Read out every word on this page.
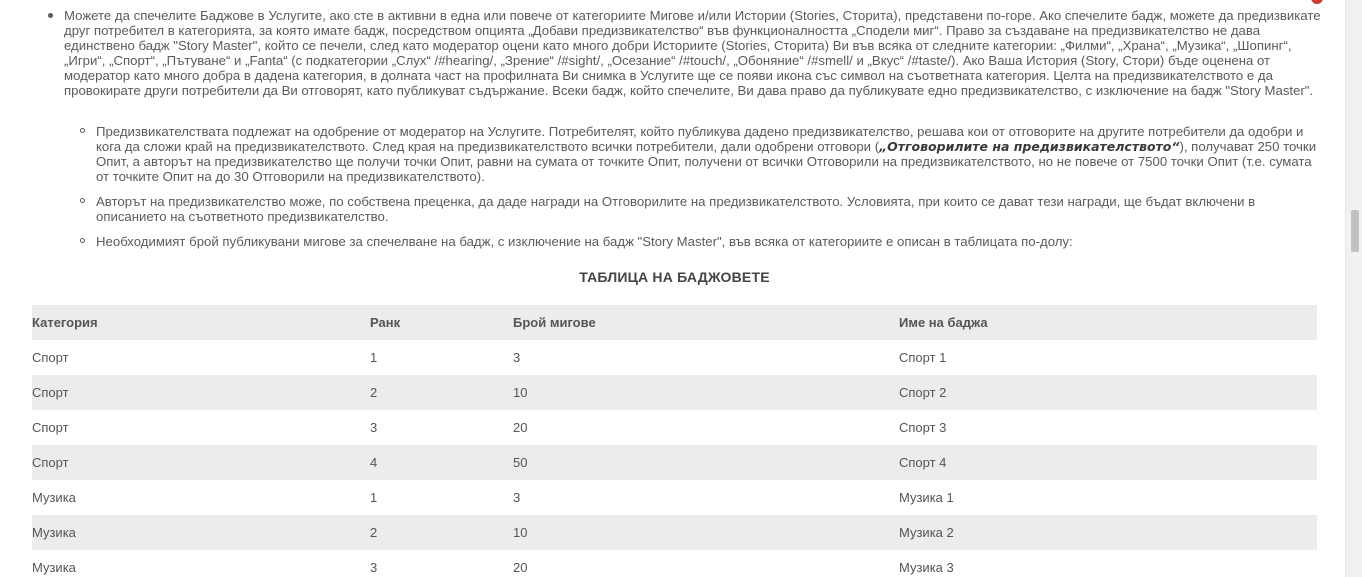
Можете да спечелите Баджове в Услугите, ако сте в активни в една или повече от категориите Мигове и/или Истории (Stories, Сторита), представени по-горе. Ако спечелите бадж, можете да предизвикате друг потребител в категорията, за която имате бадж, посредством опцията „Добави предизвикателство“ във функционалността „Сподели миг“. Право за създаване на предизвикателство не дава единствено бадж "Story Master", който се печели, след като модератор оцени като много добри Историите (Stories, Сторита) Ви във всяка от следните категории: „Филми“, „Храна“, „Музика“, „Шопинг“, „Игри“, „Спорт“, „Пътуване“ и „Fanta“ (с подкатегории „Слух“ /#hearing/, „Зрение“ /#sight/, „Осезание“ /#touch/, „Обоняние“ /#smell/ и „Вкус“ /#taste/). Ако Ваша История (Story, Стори) бъде оценена от модератор като много добра в дадена категория, в долната част на профилната Ви снимка в Услугите ще се появи икона със символ на съответната категория. Целта на предизвикателството е да провокирате други потребители да Ви отговорят, като публикуват съдържание. Всеки бадж, който спечелите, Ви дава право да публикувате едно предизвикателство, с изключение на бадж "Story Master".
Предизвикателствата подлежат на одобрение от модератор на Услугите. Потребителят, който публикува дадено предизвикателство, решава кои от отговорите на другите потребители да одобри и кога да сложи край на предизвикателството. След края на предизвикателството всички потребители, дали одобрени отговори („Отговорилите на предизвикателството“), получават 250 точки Опит, а авторът на предизвикателство ще получи точки Опит, равни на сумата от точките Опит, получени от всички Отговорили на предизвикателството, но не повече от 7500 точки Опит (т.е. сумата от точките Опит на до 30 Отговорили на предизвикателството).
Авторът на предизвикателство може, по собствена преценка, да даде награди на Отговорилите на предизвикателството. Условията, при които се дават тези награди, ще бъдат включени в описанието на съответното предизвикателство.
Необходимият брой публикувани мигове за спечелване на бадж, с изключение на бадж "Story Master", във всяка от категориите е описан в таблицата по-долу:
ТАБЛИЦА НА БАДЖОВЕТЕ
Категория	Ранк	Брой мигове	Име на баджа
Спорт	1	3	Спорт 1
Спорт	2	10	Спорт 2
Спорт	3	20	Спорт 3
Спорт	4	50	Спорт 4
Музика	1	3	Музика 1
Музика	2	10	Музика 2
Музика	3	20	Музика 3
